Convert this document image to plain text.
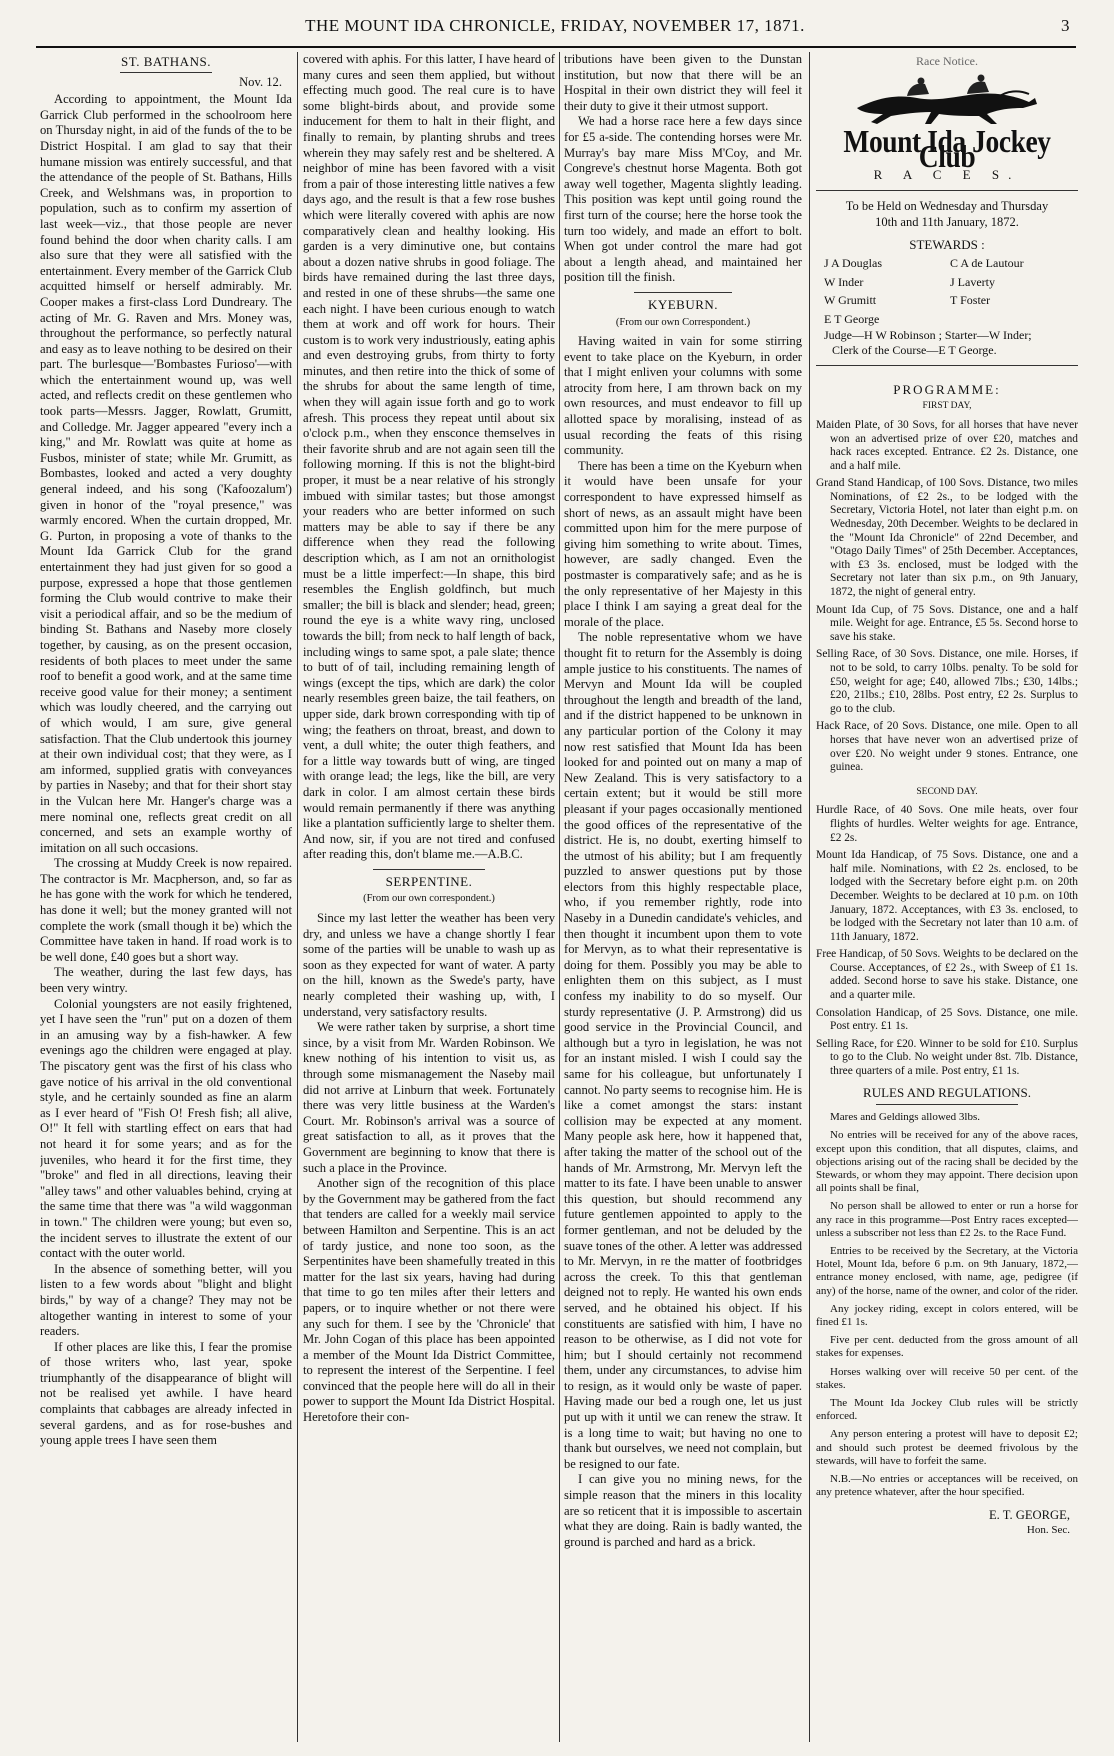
THE MOUNT IDA CHRONICLE, FRIDAY, NOVEMBER 17, 1871.	3
ST. BATHANS.
Nov. 12.

According to appointment, the Mount Ida Garrick Club performed in the schoolroom here on Thursday night, in aid of the funds of the to be District Hospital. I am glad to say that their humane mission was entirely successful, and that the attendance of the people of St. Bathans, Hills Creek, and Welshmans was, in proportion to population, such as to confirm my assertion of last week—viz., that those people are never found behind the door when charity calls. I am also sure that they were all satisfied with the entertainment. Every member of the Garrick Club acquitted himself or herself admirably. Mr. Cooper makes a first-class Lord Dundreary. The acting of Mr. G. Raven and Mrs. Money was, throughout the performance, so perfectly natural and easy as to leave nothing to be desired on their part. The burlesque—'Bombastes Furioso'—with which the entertainment wound up, was well acted, and reflects credit on these gentlemen who took parts—Messrs. Jagger, Rowlatt, Grumitt, and Colledge. Mr. Jagger appeared "every inch a king," and Mr. Rowlatt was quite at home as Fusbos, minister of state; while Mr. Grumitt, as Bombastes, looked and acted a very doughty general indeed, and his song ('Kafoozalum') given in honor of the "royal presence," was warmly encored. When the curtain dropped, Mr. G. Purton, in proposing a vote of thanks to the Mount Ida Garrick Club for the grand entertainment they had just given for so good a purpose, expressed a hope that those gentlemen forming the Club would contrive to make their visit a periodical affair, and so be the medium of binding St. Bathans and Naseby more closely together, by causing, as on the present occasion, residents of both places to meet under the same roof to benefit a good work, and at the same time receive good value for their money; a sentiment which was loudly cheered, and the carrying out of which would, I am sure, give general satisfaction. That the Club undertook this journey at their own individual cost; that they were, as I am informed, supplied gratis with conveyances by parties in Naseby; and that for their short stay in the Vulcan here Mr. Hanger's charge was a mere nominal one, reflects great credit on all concerned, and sets an example worthy of imitation on all such occasions.

The crossing at Muddy Creek is now repaired. The contractor is Mr. Macpherson, and, so far as he has gone with the work for which he tendered, has done it well; but the money granted will not complete the work (small though it be) which the Committee have taken in hand. If road work is to be well done, £40 goes but a short way.

The weather, during the last few days, has been very wintry.

Colonial youngsters are not easily frightened, yet I have seen the "run" put on a dozen of them in an amusing way by a fish-hawker. A few evenings ago the children were engaged at play. The piscatory gent was the first of his class who gave notice of his arrival in the old conventional style, and he certainly sounded as fine an alarm as I ever heard of "Fish O! Fresh fish; all alive, O!" It fell with startling effect on ears that had not heard it for some years; and as for the juveniles, who heard it for the first time, they "broke" and fled in all directions, leaving their "alley taws" and other valuables behind, crying at the same time that there was "a wild waggonman in town." The children were young; but even so, the incident serves to illustrate the extent of our contact with the outer world.

In the absence of something better, will you listen to a few words about "blight and blight birds," by way of a change? They may not be altogether wanting in interest to some of your readers.

If other places are like this, I fear the promise of those writers who, last year, spoke triumphantly of the disappearance of blight will not be realised yet awhile. I have heard complaints that cabbages are already infected in several gardens, and as for rose-bushes and young apple trees I have seen them

covered with aphis. For this latter, I have heard of many cures and seen them applied, but without effecting much good. The real cure is to have some blight-birds about, and provide some inducement for them to halt in their flight, and finally to remain, by planting shrubs and trees wherein they may safely rest and be sheltered. A neighbor of mine has been favored with a visit from a pair of those interesting little natives a few days ago, and the result is that a few rose bushes which were literally covered with aphis are now comparatively clean and healthy looking. His garden is a very diminutive one, but contains about a dozen native shrubs in good foliage. The birds have remained during the last three days, and rested in one of these shrubs—the same one each night. I have been curious enough to watch them at work and off work for hours. Their custom is to work very industriously, eating aphis and even destroying grubs, from thirty to forty minutes, and then retire into the thick of some of the shrubs for about the same length of time, when they will again issue forth and go to work afresh. This process they repeat until about six o'clock p.m., when they ensconce themselves in their favorite shrub and are not again seen till the following morning. If this is not the blight-bird proper, it must be a near relative of his strongly imbued with similar tastes; but those amongst your readers who are better informed on such matters may be able to say if there be any difference when they read the following description which, as I am not an ornithologist must be a little imperfect:—In shape, this bird resembles the English goldfinch, but much smaller; the bill is black and slender; head, green; round the eye is a white wavy ring, unclosed towards the bill; from neck to half length of back, including wings to same spot, a pale slate; thence to butt of of tail, including remaining length of wings (except the tips, which are dark) the color nearly resembles green baize, the tail feathers, on upper side, dark brown corresponding with tip of wing; the feathers on throat, breast, and down to vent, a dull white; the outer thigh feathers, and for a little way towards butt of wing, are tinged with orange lead; the legs, like the bill, are very dark in color. I am almost certain these birds would remain permanently if there was anything like a plantation sufficiently large to shelter them. And now, sir, if you are not tired and confused after reading this, don't blame me.—A.B.C.

SERPENTINE.
(From our own correspondent.)

Since my last letter the weather has been very dry, and unless we have a change shortly I fear some of the parties will be unable to wash up as soon as they expected for want of water. A party on the hill, known as the Swede's party, have nearly completed their washing up, with, I understand, very satisfactory results.

We were rather taken by surprise, a short time since, by a visit from Mr. Warden Robinson. We knew nothing of his intention to visit us, as through some mismanagement the Naseby mail did not arrive at Linburn that week. Fortunately there was very little business at the Warden's Court. Mr. Robinson's arrival was a source of great satisfaction to all, as it proves that the Government are beginning to know that there is such a place in the Province.

Another sign of the recognition of this place by the Government may be gathered from the fact that tenders are called for a weekly mail service between Hamilton and Serpentine. This is an act of tardy justice, and none too soon, as the Serpentinites have been shamefully treated in this matter for the last six years, having had during that time to go ten miles after their letters and papers, or to inquire whether or not there were any such for them. I see by the 'Chronicle' that Mr. John Cogan of this place has been appointed a member of the Mount Ida District Committee, to represent the interest of the Serpentine. I feel convinced that the people here will do all in their power to support the Mount Ida District Hospital. Heretofore their con-

tributions have been given to the Dunstan institution, but now that there will be an Hospital in their own district they will feel it their duty to give it their utmost support.

We had a horse race here a few days since for £5 a-side. The contending horses were Mr. Murray's bay mare Miss M'Coy, and Mr. Congreve's chestnut horse Magenta. Both got away well together, Magenta slightly leading. This position was kept until going round the first turn of the course; here the horse took the turn too widely, and made an effort to bolt. When got under control the mare had got about a length ahead, and maintained her position till the finish.

KYEBURN.
(From our own Correspondent.)

Having waited in vain for some stirring event to take place on the Kyeburn, in order that I might enliven your columns with some atrocity from here, I am thrown back on my own resources, and must endeavor to fill up allotted space by moralising, instead of as usual recording the feats of this rising community.

There has been a time on the Kyeburn when it would have been unsafe for your correspondent to have expressed himself as short of news, as an assault might have been committed upon him for the mere purpose of giving him something to write about. Times, however, are sadly changed. Even the postmaster is comparatively safe; and as he is the only representative of her Majesty in this place I think I am saying a great deal for the morale of the place.

The noble representative whom we have thought fit to return for the Assembly is doing ample justice to his constituents. The names of Mervyn and Mount Ida will be coupled throughout the length and breadth of the land, and if the district happened to be unknown in any particular portion of the Colony it may now rest satisfied that Mount Ida has been looked for and pointed out on many a map of New Zealand. This is very satisfactory to a certain extent; but it would be still more pleasant if your pages occasionally mentioned the good offices of the representative of the district. He is, no doubt, exerting himself to the utmost of his ability; but I am frequently puzzled to answer questions put by those electors from this highly respectable place, who, if you remember rightly, rode into Naseby in a Dunedin candidate's vehicles, and then thought it incumbent upon them to vote for Mervyn, as to what their representative is doing for them. Possibly you may be able to enlighten them on this subject, as I must confess my inability to do so myself. Our sturdy representative (J. P. Armstrong) did us good service in the Provincial Council, and although but a tyro in legislation, he was not for an instant misled. I wish I could say the same for his colleague, but unfortunately I cannot. No party seems to recognise him. He is like a comet amongst the stars: instant collision may be expected at any moment. Many people ask here, how it happened that, after taking the matter of the school out of the hands of Mr. Armstrong, Mr. Mervyn left the matter to its fate. I have been unable to answer this question, but should recommend any future gentlemen appointed to apply to the former gentleman, and not be deluded by the suave tones of the other. A letter was addressed to Mr. Mervyn, in re the matter of footbridges across the creek. To this that gentleman deigned not to reply. He wanted his own ends served, and he obtained his object. If his constituents are satisfied with him, I have no reason to be otherwise, as I did not vote for him; but I should certainly not recommend them, under any circumstances, to advise him to resign, as it would only be waste of paper. Having made our bed a rough one, let us just put up with it until we can renew the straw. It is a long time to wait; but having no one to thank but ourselves, we need not complain, but be resigned to our fate.

I can give you no mining news, for the simple reason that the miners in this locality are so reticent that it is impossible to ascertain what they are doing. Rain is badly wanted, the ground is parched and hard as a brick.

Race Notice.
Mount Ida Jockey Club
R A C E S.
To be Held on Wednesday and Thursday
10th and 11th January, 1872.
STEWARDS :
J A Douglas	C A de Lautour
W Inder	J Laverty
W Grumitt	T Foster
E T George
Judge—H W Robinson ; Starter—W Inder;
Clerk of the Course—E T George.
PROGRAMME:
FIRST DAY,
Maiden Plate, of 30 Sovs, for all horses that have never won an advertised prize of over £20, matches and hack races excepted. Entrance. £2 2s. Distance, one and a half mile.
Grand Stand Handicap, of 100 Sovs. Distance, two miles Nominations, of £2 2s., to be lodged with the Secretary, Victoria Hotel, not later than eight p.m. on Wednesday, 20th December. Weights to be declared in the "Mount Ida Chronicle" of 22nd December, and "Otago Daily Times" of 25th December. Acceptances, with £3 3s. enclosed, must be lodged with the Secretary not later than six p.m., on 9th January, 1872, the night of general entry.
Mount Ida Cup, of 75 Sovs. Distance, one and a half mile. Weight for age. Entrance, £5 5s. Second horse to save his stake.
Selling Race, of 30 Sovs. Distance, one mile. Horses, if not to be sold, to carry 10lbs. penalty. To be sold for £50, weight for age; £40, allowed 7lbs.; £30, 14lbs.; £20, 21lbs.; £10, 28lbs. Post entry, £2 2s. Surplus to go to the club.
Hack Race, of 20 Sovs. Distance, one mile. Open to all horses that have never won an advertised prize of over £20. No weight under 9 stones. Entrance, one guinea.
SECOND DAY.
Hurdle Race, of 40 Sovs. One mile heats, over four flights of hurdles. Welter weights for age. Entrance, £2 2s.
Mount Ida Handicap, of 75 Sovs. Distance, one and a half mile. Nominations, with £2 2s. enclosed, to be lodged with the Secretary before eight p.m. on 20th December. Weights to be declared at 10 p.m. on 10th January, 1872. Acceptances, with £3 3s. enclosed, to be lodged with the Secretary not later than 10 a.m. of 11th January, 1872.
Free Handicap, of 50 Sovs. Weights to be declared on the Course. Acceptances, of £2 2s., with Sweep of £1 1s. added. Second horse to save his stake. Distance, one and a quarter mile.
Consolation Handicap, of 25 Sovs. Distance, one mile. Post entry. £1 1s.
Selling Race, for £20. Winner to be sold for £10. Surplus to go to the Club. No weight under 8st. 7lb. Distance, three quarters of a mile. Post entry, £1 1s.
RULES AND REGULATIONS.
Mares and Geldings allowed 3lbs.
No entries will be received for any of the above races, except upon this condition, that all disputes, claims, and objections arising out of the racing shall be decided by the Stewards, or whom they may appoint. There decision upon all points shall be final,
No person shall be allowed to enter or run a horse for any race in this programme—Post Entry races excepted—unless a subscriber not less than £2 2s. to the Race Fund.
Entries to be received by the Secretary, at the Victoria Hotel, Mount Ida, before 6 p.m. on 9th January, 1872,—entrance money enclosed, with name, age, pedigree (if any) of the horse, name of the owner, and color of the rider.
Any jockey riding, except in colors entered, will be fined £1 1s.
Five per cent. deducted from the gross amount of all stakes for expenses.
Horses walking over will receive 50 per cent. of the stakes.
The Mount Ida Jockey Club rules will be strictly enforced.
Any person entering a protest will have to deposit £2; and should such protest be deemed frivolous by the stewards, will have to forfeit the same.
N.B.—No entries or acceptances will be received, on any pretence whatever, after the hour specified.
E. T. GEORGE,
Hon. Sec.
